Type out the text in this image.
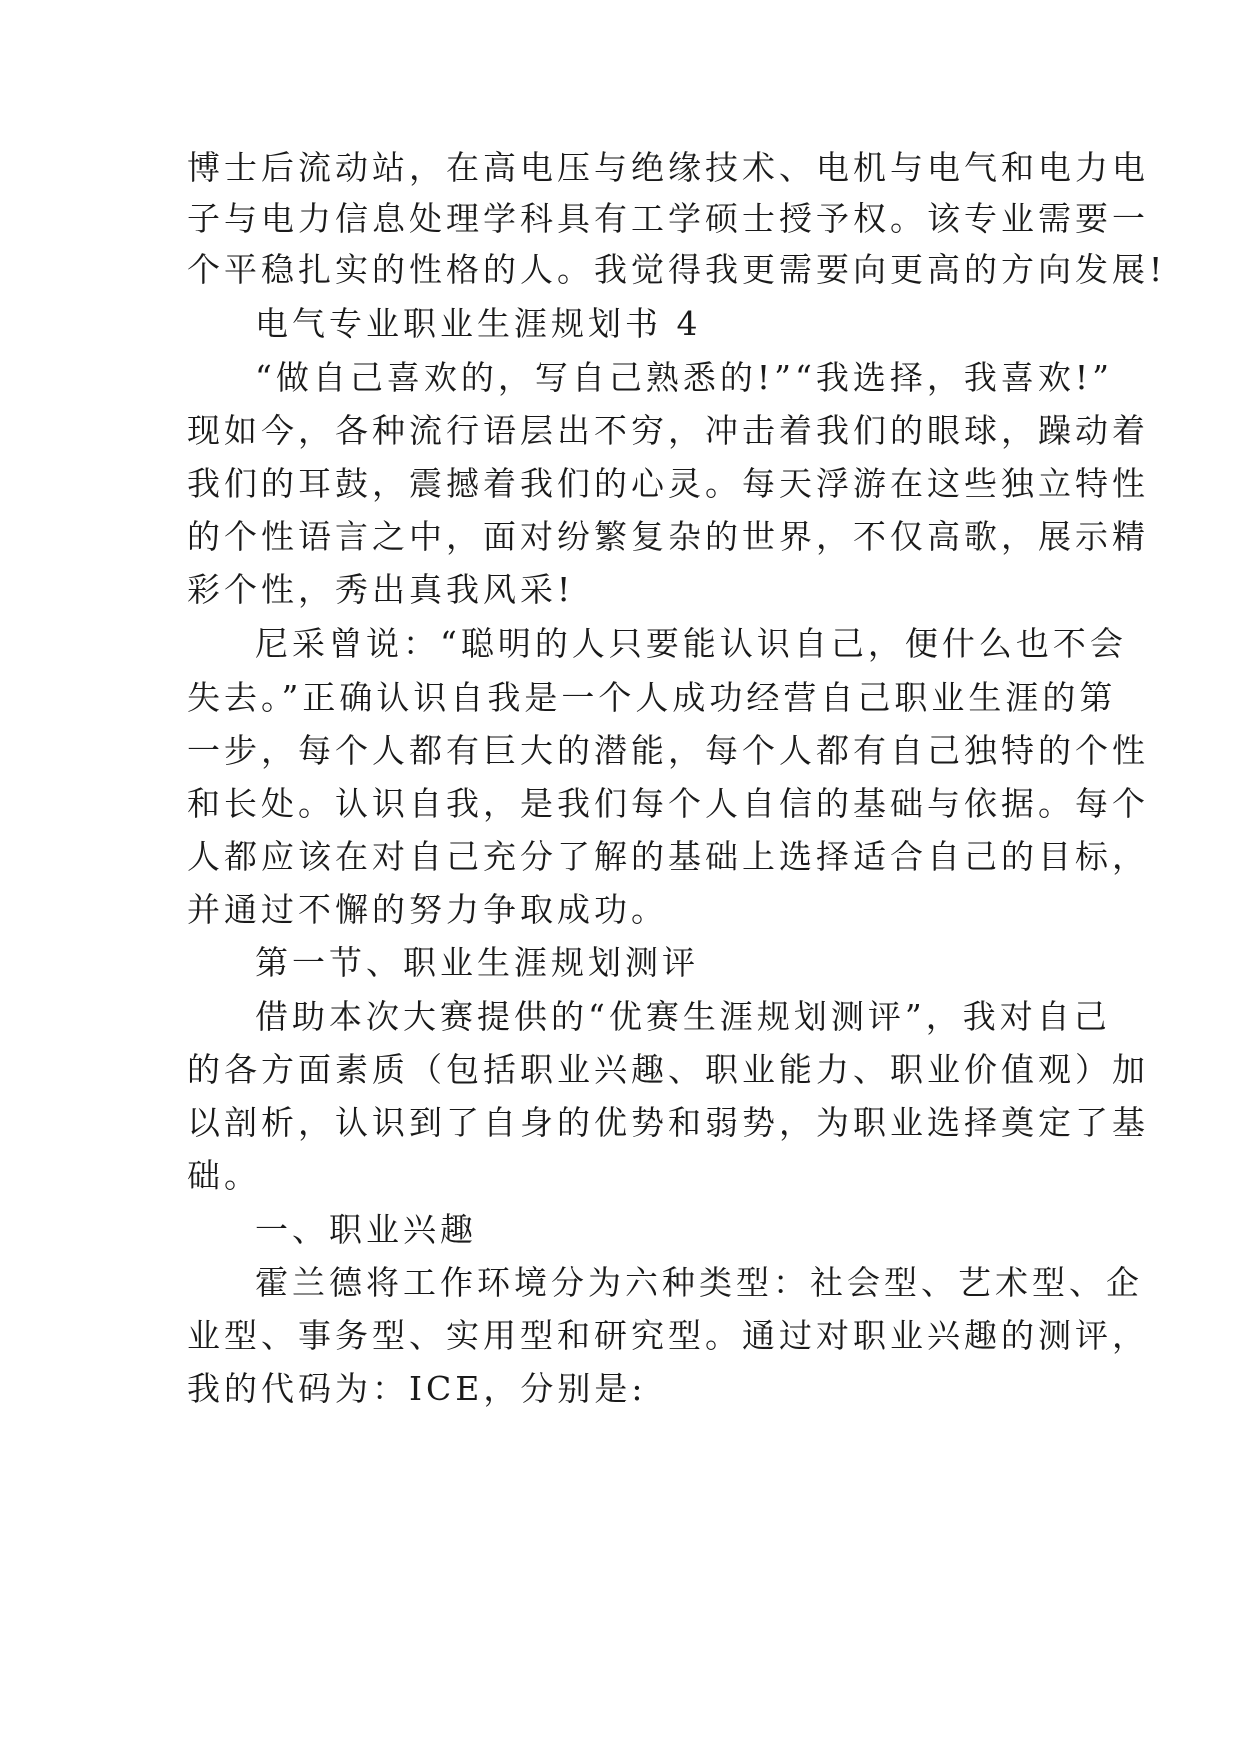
博士后流动站，在高电压与绝缘技术、电机与电气和电力电
子与电力信息处理学科具有工学硕士授予权。该专业需要一
个平稳扎实的性格的人。我觉得我更需要向更高的方向发展!
电气专业职业生涯规划书 4
“做自己喜欢的，写自己熟悉的!”“我选择，我喜欢!”
现如今，各种流行语层出不穷，冲击着我们的眼球，躁动着
我们的耳鼓，震撼着我们的心灵。每天浮游在这些独立特性
的个性语言之中，面对纷繁复杂的世界，不仅高歌，展示精
彩个性，秀出真我风采!
尼采曾说：“聪明的人只要能认识自己，便什么也不会
失去。”正确认识自我是一个人成功经营自己职业生涯的第
一步，每个人都有巨大的潜能，每个人都有自己独特的个性
和长处。认识自我，是我们每个人自信的基础与依据。每个
人都应该在对自己充分了解的基础上选择适合自己的目标，
并通过不懈的努力争取成功。
第一节、职业生涯规划测评
借助本次大赛提供的“优赛生涯规划测评”，我对自己
的各方面素质（包括职业兴趣、职业能力、职业价值观）加
以剖析，认识到了自身的优势和弱势，为职业选择奠定了基
础。
一、职业兴趣
霍兰德将工作环境分为六种类型：社会型、艺术型、企
业型、事务型、实用型和研究型。通过对职业兴趣的测评，
我的代码为：ICE，分别是:
